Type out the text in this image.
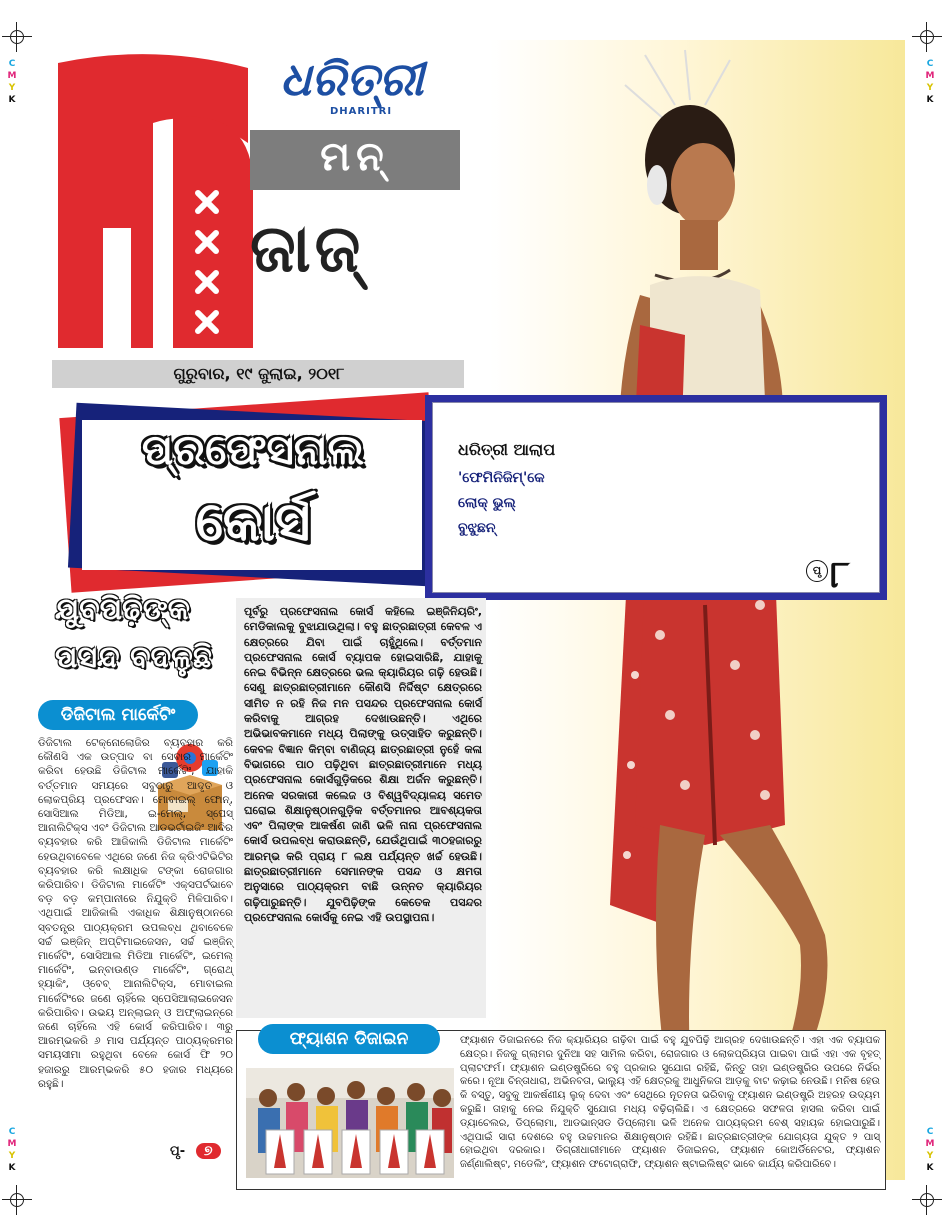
C
M
Y
K
C
M
Y
K
C
M
Y
K
C
M
Y
K
ଧରିତ୍ରୀ
DHARITRI
ମନ୍
ଜାଜ୍
ଗୁରୁବାର, ୧୯ ଜୁଲାଇ, ୨୦୧୮
ପ୍ରଫେସନାଲ
କୋର୍ସ
ଯୁବପିଢ଼ିଙ୍କ
ପସନ୍ଦ ବଦଳୁଛି
ଧରିତ୍ରୀ ଆଲାପ
'ଫେମିନିଜିମ୍'କେ
ଲୋକ୍ ଭୁଲ୍
ବୁଝୁଛନ୍
ପୃ ୮
ଡିଜିଟାଲ ମାର୍କେଟିଂ
ଡିଜିଟାଲ ଟେକ୍ନୋଲୋଜିର ବ୍ୟବହାର କରି କୌଣସି ଏକ ଉତ୍ପାଦ ବା ସେବାର ମାର୍କେଟିଂ କରିବା ହେଉଛି ଡିଜିଟାଲ ମାର୍କେଟିଂ, ଯାହାକି ବର୍ତ୍ତମାନ ସମୟରେ ସବୁଠାରୁ ଆଦୃତ ଓ ଲୋକପ୍ରିୟ ପ୍ରଫେସନ। ମୋବାଇଲ୍ ଫୋନ୍, ସୋସିଆଲ ମିଡିଆ, ଇ-ମେଲ୍, ସ୍ପେସ୍ ଆନାଲିଟିକ୍ସ ଏବଂ ଡିଜିଟାଲ ଆଡଭର୍ଟାଇଜିଂ ଆଦିର ବ୍ୟବହାର କରି ଆଜିକାଲି ଡିଜିଟାଲ ମାର୍କେଟିଂ ହେଉଥିବାବେଳେ ଏଥିରେ ଜଣେ ନିଜ କ୍ରିଏଟିଭିଟିର ବ୍ୟବହାର କରି ଲକ୍ଷାଧିକ ଟଙ୍କା ରୋଜଗାର କରିପାରିବ। ଡିଜିଟାଲ ମାର୍କେଟିଂ ଏକ୍ସପର୍ଟଭାବେ ବଡ଼ ବଡ଼ କମ୍ପାନୀରେ ନିଯୁକ୍ତି ମିଳିପାରିବ। ଏଥିପାଇଁ ଆଜିକାଲି ଏକାଧିକ ଶିକ୍ଷାନୁଷ୍ଠାନରେ ସ୍ବତନ୍ତ୍ର ପାଠ୍ୟକ୍ରମ ଉପଲବ୍ଧ ଥିବାବେଳେ ସର୍ଚ୍ଚ ଇଞ୍ଜିନ୍ ଅପ୍ଟିମାଇଜେସନ, ସର୍ଚ୍ଚ ଇଞ୍ଜିନ୍ ମାର୍କେଟିଂ, ସୋସିଆଲ ମିଡିଆ ମାର୍କେଟିଂ, ଇମେଲ୍ ମାର୍କେଟିଂ, ଇନ୍‌ବାଉଣ୍ଡ ମାର୍କେଟିଂ, ଗ୍ରୋଥ୍ ହ୍ୟାକିଂ, ଓ୍ବେବ୍ ଆନାଲିଟିକ୍ସ, ମୋବାଇଲ ମାର୍କେଟିଂରେ ଜଣେ ଚାହିଁଲେ ସ୍ପେସିଆଲାଇଜେସନ କରିପାରିବ। ଉଭୟ ଅନ୍‌ଲାଇନ୍ ଓ ଅଫ୍‌ଲାଇନ୍‌ରେ ଜଣେ ଚାହିଁଲେ ଏହି କୋର୍ସ କରିପାରିବ। ୩ରୁ ଆରମ୍ଭକରି ୬ ମାସ ପର୍ଯ୍ୟନ୍ତ ପାଠ୍ୟକ୍ରମର ସମୟସୀମା ରହୁଥିବା ବେଳେ କୋର୍ସ ଫି ୨୦ ହଜାରରୁ ଆରମ୍ଭକରି ୫୦ ହଜାର ମଧ୍ୟରେ ରହୁଛି।
ପୃ-	୭
ପୂର୍ବରୁ ପ୍ରଫେସନାଲ କୋର୍ସ କହିଲେ ଇଞ୍ଜିନିୟରିଂ, ମେଡିକାଲକୁ ବୁଝାଯାଉଥିଲା। ବହୁ ଛାତ୍ରଛାତ୍ରୀ କେବଳ ଏ କ୍ଷେତ୍ରରେ ଯିବା ପାଇଁ ଚାହୁଁଥିଲେ। ବର୍ତ୍ତମାନ ପ୍ରଫେସନାଲ କୋର୍ସ ବ୍ୟାପକ ହୋଇସାରିଛି, ଯାହାକୁ ନେଇ ବିଭିନ୍ନ କ୍ଷେତ୍ରରେ ଭଲ କ୍ୟାରିୟର ଗଢ଼ି ହେଉଛି। ସେଣୁ ଛାତ୍ରଛାତ୍ରୀମାନେ କୌଣସି ନିର୍ଦ୍ଦିଷ୍ଟ କ୍ଷେତ୍ରରେ ସୀମିତ ନ ରହି ନିଜ ମନ ପସନ୍ଦର ପ୍ରଫେସନାଲ କୋର୍ସ କରିବାକୁ ଆଗ୍ରହ ଦେଖାଉଛନ୍ତି। ଏଥିରେ ଅଭିଭାବକମାନେ ମଧ୍ୟ ପିଲାଙ୍କୁ ଉତ୍ସାହିତ କରୁଛନ୍ତି। କେବଳ ବିଜ୍ଞାନ କିମ୍ବା ବାଣିଜ୍ୟ ଛାତ୍ରଛାତ୍ରୀ ନୁହେଁ କଳା ବିଭାଗରେ ପାଠ ପଢ଼ିଥିବା ଛାତ୍ରଛାତ୍ରୀମାନେ ମଧ୍ୟ ପ୍ରଫେସନାଲ କୋର୍ସଗୁଡ଼ିକରେ ଶିକ୍ଷା ଅର୍ଜନ କରୁଛନ୍ତି। ଅନେକ ସରକାରୀ କଲେଜ ଓ ବିଶ୍ୱବିଦ୍ୟାଳୟ ସମେତ ଘରୋଇ ଶିକ୍ଷାନୁଷ୍ଠାନଗୁଡ଼ିକ ବର୍ତ୍ତମାନର ଆବଶ୍ୟକତା ଏବଂ ପିଲାଙ୍କ ଆକର୍ଷଣ ଜାଣି ଭଳି ନାନା ପ୍ରଫେସନାଲ କୋର୍ସ ଉପଲବ୍ଧ କରାଉଛନ୍ତି, ଯେଉଁଥିପାଇଁ ୩୦ହଜାରରୁ ଆରମ୍ଭ କରି ପ୍ରାୟ ୮ ଲକ୍ଷ ପର୍ଯ୍ୟନ୍ତ ଖର୍ଚ୍ଚ ହେଉଛି। ଛାତ୍ରଛାତ୍ରୀମାନେ ସେମାନଙ୍କ ପସନ୍ଦ ଓ କ୍ଷମତା ଅନୁସାରେ ପାଠ୍ୟକ୍ରମ ବାଛି ଉନ୍ନତ କ୍ୟାରିୟର ଗଢ଼ିପାରୁଛନ୍ତି। ଯୁବପିଢ଼ିଙ୍କ କେତେକ ପସନ୍ଦର ପ୍ରଫେସନାଲ କୋର୍ସକୁ ନେଇ ଏହି ଉପସ୍ଥାପନା।
ଫ୍ୟାଶନ ଡିଜାଇନ	ଫ୍ୟାଶନ ଡିଜାଇନରେ ନିଜ କ୍ୟାରିୟର ଗଢ଼ିବା ପାଇଁ ବହୁ ଯୁବପିଢ଼ି ଆଗ୍ରହ ଦେଖାଉଛନ୍ତି। ଏହା ଏକ ବ୍ୟାପକ କ୍ଷେତ୍ର। ନିଜକୁ ଗ୍ଲାମର ଦୁନିଆ ସହ ସାମିଲ କରିବା, ରୋଜଗାର ଓ ଲୋକପ୍ରିୟତା ପାଇବା ପାଇଁ ଏହା ଏକ ବୃହତ୍ ପ୍ଲାଟଫର୍ମ। ଫ୍ୟାଶନ ଇଣ୍ଡଷ୍ଟ୍ରିରେ ବହୁ ପ୍ରକାର ସୁଯୋଗ ରହିଛି, କିନ୍ତୁ ତାହା ଇଣ୍ଡଷ୍ଟ୍ରିର ଉପରେ ନିର୍ଭର କରେ। ନୂଆ ଚିନ୍ତାଧାରା, ଅଭିନବତା, ଭାଲ୍ୟୁ ଏହି କ୍ଷେତ୍ରକୁ ଆଧୁନିକତା ଆଡ଼କୁ ବାଟ କଢ଼ାଇ ନେଉଛି। ମନିଷ ହେଉ କି ବସ୍ତୁ, ସବୁକୁ ଆକର୍ଷଣୀୟ ଲୁକ୍ ଦେବା ଏବଂ ସେଥିରେ ନୂତନତା ଭରିବାକୁ ଫ୍ୟାଶନ ଇଣ୍ଡଷ୍ଟ୍ରି ଅହରହ ଉଦ୍ୟମ କରୁଛି। ତାହାକୁ ନେଇ ନିଯୁକ୍ତି ସୁଯୋଗ ମଧ୍ୟ ବଢ଼ିଚାଲିଛି। ଏ କ୍ଷେତ୍ରରେ ସଫଳତା ହାସଲ କରିବା ପାଇଁ ଡ୍ୟାଚେଲର, ଡିପ୍ଲୋମା, ଆଡଭାନ୍ସଡ ଡିପ୍ଲୋମା ଭଳି ଅନେକ ପାଠ୍ୟକ୍ରମ ବେଶ୍ ସହାୟକ ହୋଇପାରୁଛି। ଏଥିପାଇଁ ସାରା ଦେଶରେ ବହୁ ଉଚ୍ଚମାନର ଶିକ୍ଷାନୁଷ୍ଠାନ ରହିଛି। ଛାତ୍ରଛାତ୍ରୀଙ୍କ ଯୋଗ୍ୟତା ଯୁକ୍ତ ୨ ପାସ୍ ହୋଇଥିବା ଦରକାର। ଡିଗ୍ରୀଧାରୀମାନେ ଫ୍ୟାଶନ ଡିଜାଇନର, ଫ୍ୟାଶନ କୋଅର୍ଡିନେଟର, ଫ୍ୟାଶନ ଜର୍ଣ୍ଣାଲିଷ୍ଟ, ମଡେଲିଂ, ଫ୍ୟାଶନ ଫଟୋଗ୍ରାଫି, ଫ୍ୟାଶନ ଷ୍ଟାଇଲିଷ୍ଟ ଭାବେ କାର୍ଯ୍ୟ କରିପାରିବେ।
